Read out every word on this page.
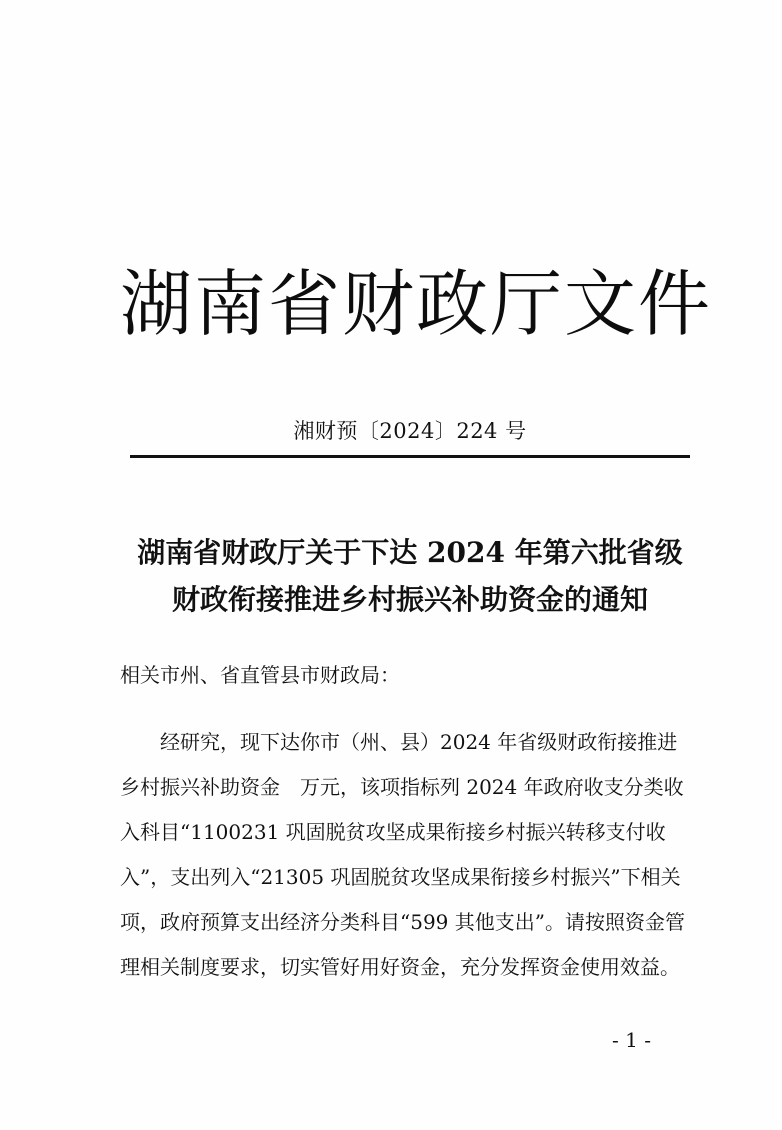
湖南省财政厅文件
湘财预〔2024〕224 号
湖南省财政厅关于下达 2024 年第六批省级
财政衔接推进乡村振兴补助资金的通知
相关市州、省直管县市财政局：
经研究，现下达你市（州、县）2024 年省级财政衔接推进
乡村振兴补助资金　万元，该项指标列 2024 年政府收支分类收
入科目“1100231 巩固脱贫攻坚成果衔接乡村振兴转移支付收
入”，支出列入“21305 巩固脱贫攻坚成果衔接乡村振兴”下相关
项，政府预算支出经济分类科目“599 其他支出”。请按照资金管
理相关制度要求，切实管好用好资金，充分发挥资金使用效益。
- 1 -
